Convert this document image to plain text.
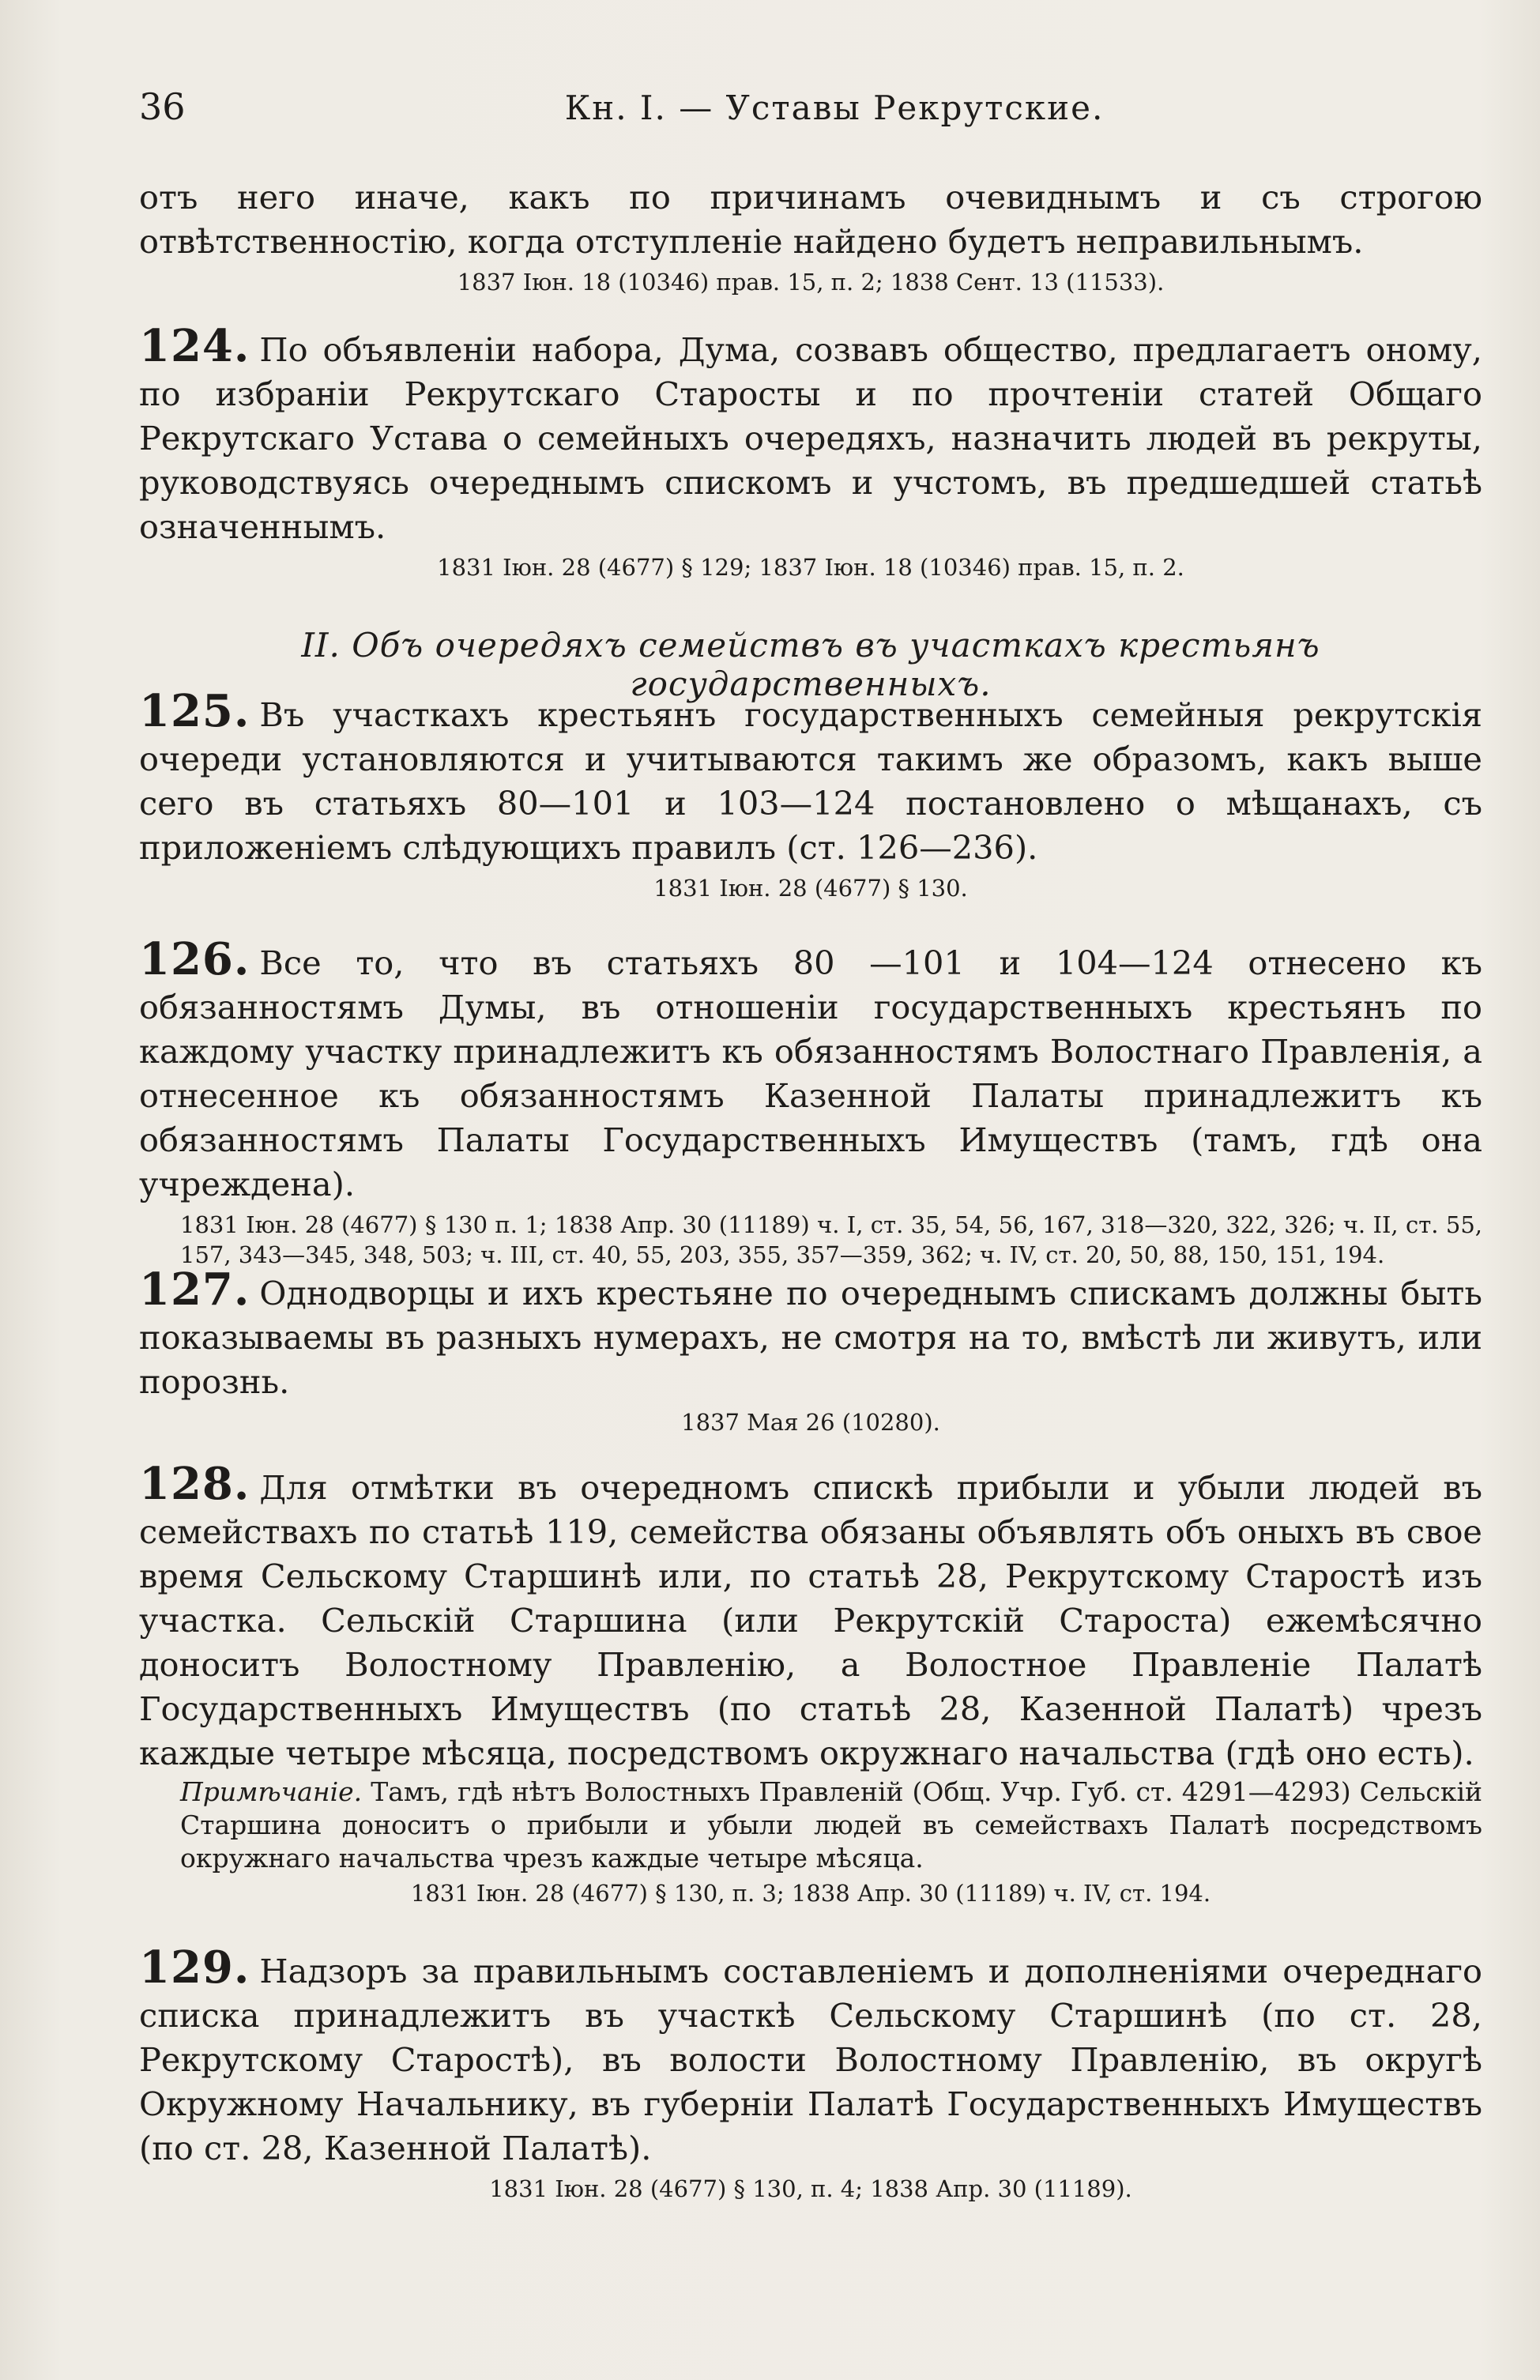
36	Кн. I. — Уставы Рекрутские.

отъ него иначе, какъ по причинамъ очевиднымъ и съ строгою отвѣтственностію, когда отступленіе найдено будетъ неправильнымъ.

1837 Іюн. 18 (10346) прав. 15, п. 2; 1838 Сент. 13 (11533).

124. По объявленіи набора, Дума, созвавъ общество, предлагаетъ оному, по избраніи Рекрутскаго Старосты и по прочтеніи статей Общаго Рекрутскаго Устава о семейныхъ очередяхъ, назначить людей въ рекруты, руководствуясь очереднымъ спискомъ и учстомъ, въ предшедшей статьѣ означеннымъ.

1831 Іюн. 28 (4677) § 129; 1837 Іюн. 18 (10346) прав. 15, п. 2.

II. Объ очередяхъ семействъ въ участкахъ крестьянъ государственныхъ.

125. Въ участкахъ крестьянъ государственныхъ семейныя рекрутскія очереди установляются и учитываются такимъ же образомъ, какъ выше сего въ статьяхъ 80—101 и 103—124 постановлено о мѣщанахъ, съ приложеніемъ слѣдующихъ правилъ (ст. 126—236).

1831 Іюн. 28 (4677) § 130.

126. Все то, что въ статьяхъ 80 —101 и 104—124 отнесено къ обязанностямъ Думы, въ отношеніи государственныхъ крестьянъ по каждому участку принадлежитъ къ обязанностямъ Волостнаго Правленія, а отнесенное къ обязанностямъ Казенной Палаты принадлежитъ къ обязанностямъ Палаты Государственныхъ Имуществъ (тамъ, гдѣ она учреждена).

1831 Іюн. 28 (4677) § 130 п. 1; 1838 Апр. 30 (11189) ч. I, ст. 35, 54, 56, 167, 318—320, 322, 326; ч. II, ст. 55, 157, 343—345, 348, 503; ч. III, ст. 40, 55, 203, 355, 357—359, 362; ч. IV, ст. 20, 50, 88, 150, 151, 194.

127. Однодворцы и ихъ крестьяне по очереднымъ спискамъ должны быть показываемы въ разныхъ нумерахъ, не смотря на то, вмѣстѣ ли живутъ, или порознь.

1837 Мая 26 (10280).

128. Для отмѣтки въ очередномъ спискѣ прибыли и убыли людей въ семействахъ по статьѣ 119, семейства обязаны объявлять объ оныхъ въ свое время Сельскому Старшинѣ или, по статьѣ 28, Рекрутскому Старостѣ изъ участка. Сельскій Старшина (или Рекрутскій Староста) ежемѣсячно доноситъ Волостному Правленію, а Волостное Правленіе Палатѣ Государственныхъ Имуществъ (по статьѣ 28, Казенной Палатѣ) чрезъ каждые четыре мѣсяца, посредствомъ окружнаго начальства (гдѣ оно есть).

Примѣчаніе. Тамъ, гдѣ нѣтъ Волостныхъ Правленій (Общ. Учр. Губ. ст. 4291—4293) Сельскій Старшина доноситъ о прибыли и убыли людей въ семействахъ Палатѣ посредствомъ окружнаго начальства чрезъ каждые четыре мѣсяца.

1831 Іюн. 28 (4677) § 130, п. 3; 1838 Апр. 30 (11189) ч. IV, ст. 194.

129. Надзоръ за правильнымъ составленіемъ и дополненіями очереднаго списка принадлежитъ въ участкѣ Сельскому Старшинѣ (по ст. 28, Рекрутскому Старостѣ), въ волости Волостному Правленію, въ округѣ Окружному Начальнику, въ губерніи Палатѣ Государственныхъ Имуществъ (по ст. 28, Казенной Палатѣ).

1831 Іюн. 28 (4677) § 130, п. 4; 1838 Апр. 30 (11189).
